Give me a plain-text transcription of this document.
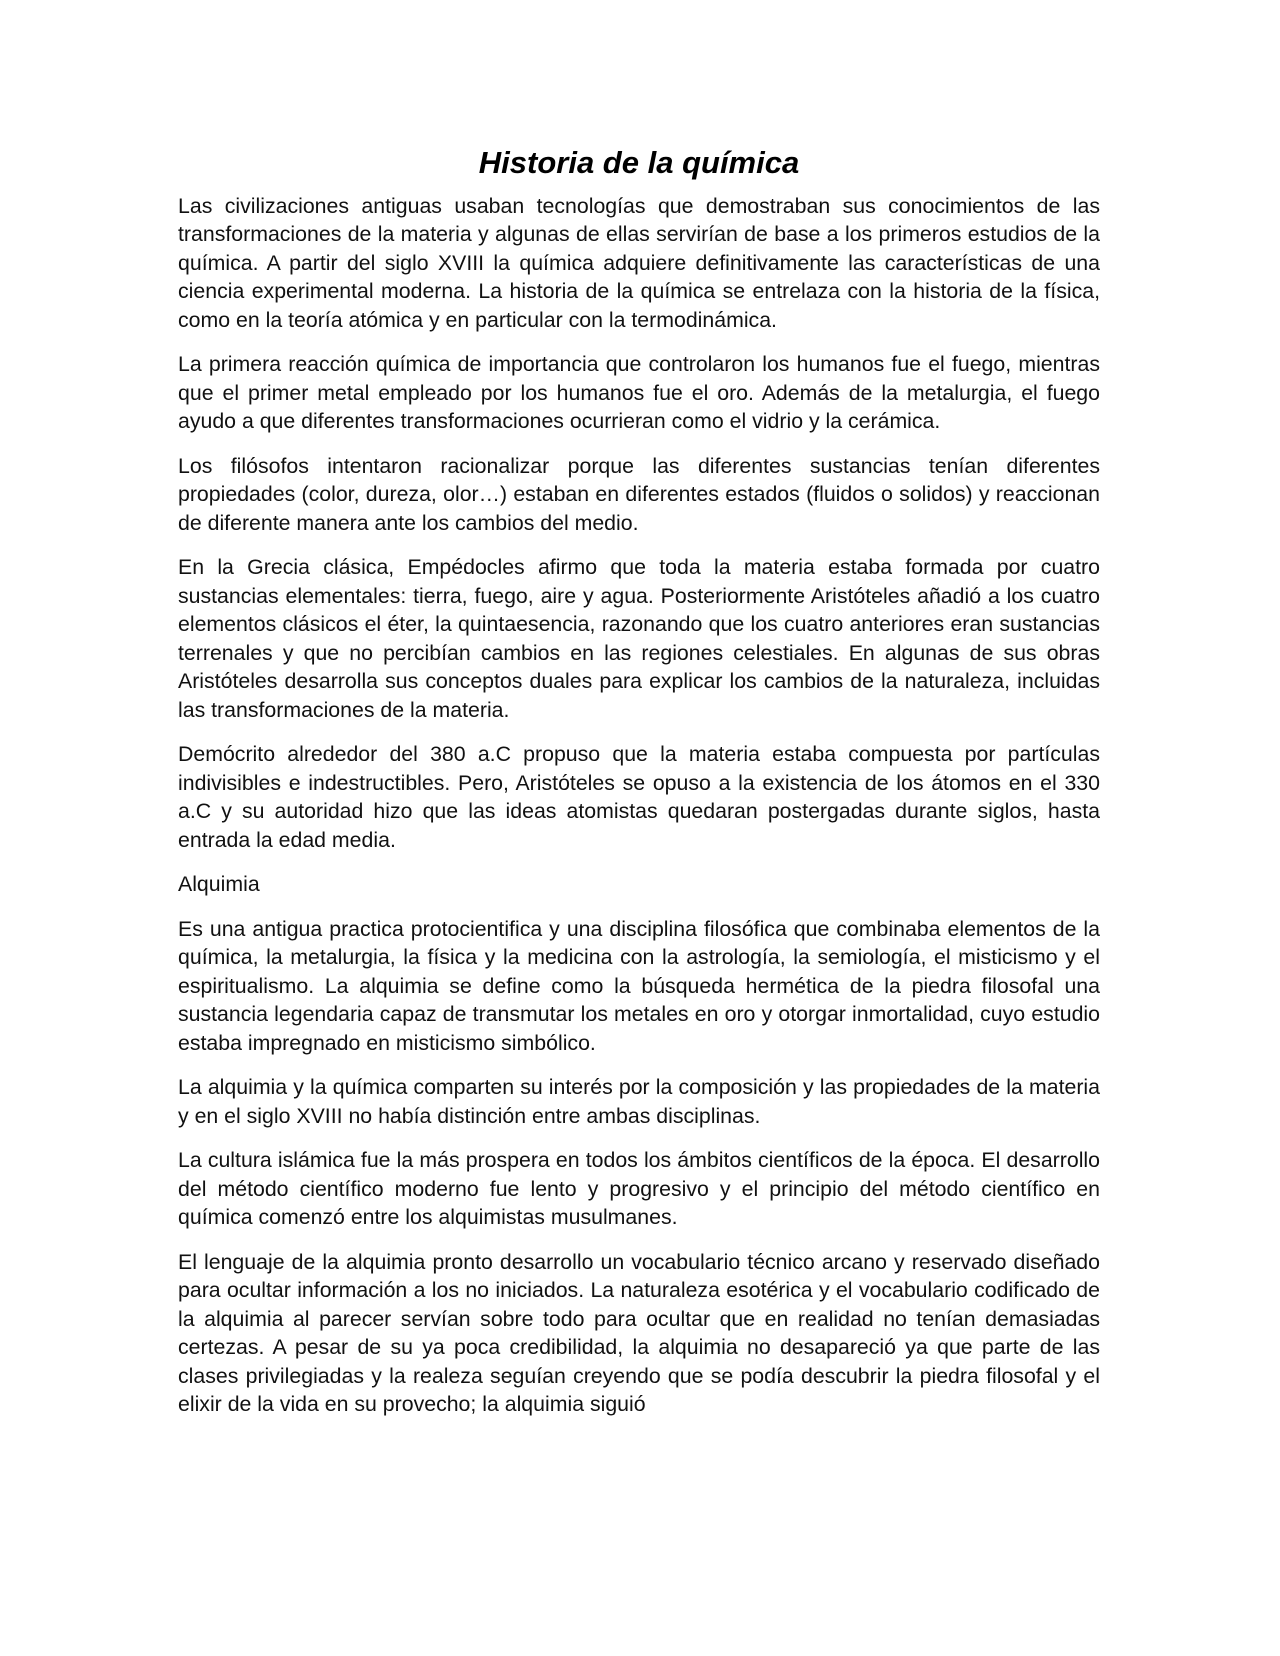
Historia de la química

Las civilizaciones antiguas usaban tecnologías que demostraban sus conocimientos de las transformaciones de la materia y algunas de ellas servirían de base a los primeros estudios de la química. A partir del siglo XVIII la química adquiere definitivamente las características de una ciencia experimental moderna. La historia de la química se entrelaza con la historia de la física, como en la teoría atómica y en particular con la termodinámica.

La primera reacción química de importancia que controlaron los humanos fue el fuego, mientras que el primer metal empleado por los humanos fue el oro. Además de la metalurgia, el fuego ayudo a que diferentes transformaciones ocurrieran como el vidrio y la cerámica.

Los filósofos intentaron racionalizar porque las diferentes sustancias tenían diferentes propiedades (color, dureza, olor…) estaban en diferentes estados (fluidos o solidos) y reaccionan de diferente manera ante los cambios del medio.

En la Grecia clásica, Empédocles afirmo que toda la materia estaba formada por cuatro sustancias elementales: tierra, fuego, aire y agua. Posteriormente Aristóteles añadió a los cuatro elementos clásicos el éter, la quintaesencia, razonando que los cuatro anteriores eran sustancias terrenales y que no percibían cambios en las regiones celestiales. En algunas de sus obras Aristóteles desarrolla sus conceptos duales para explicar los cambios de la naturaleza, incluidas las transformaciones de la materia.

Demócrito alrededor del 380 a.C propuso que la materia estaba compuesta por partículas indivisibles e indestructibles. Pero, Aristóteles se opuso a la existencia de los átomos en el 330 a.C y su autoridad hizo que las ideas atomistas quedaran postergadas durante siglos, hasta entrada la edad media.

Alquimia

Es una antigua practica protocientifica y una disciplina filosófica que combinaba elementos de la química, la metalurgia, la física y la medicina con la astrología, la semiología, el misticismo y el espiritualismo. La alquimia se define como la búsqueda hermética de la piedra filosofal una sustancia legendaria capaz de transmutar los metales en oro y otorgar inmortalidad, cuyo estudio estaba impregnado en misticismo simbólico.

La alquimia y la química comparten su interés por la composición y las propiedades de la materia y en el siglo XVIII no había distinción entre ambas disciplinas.

La cultura islámica fue la más prospera en todos los ámbitos científicos de la época. El desarrollo del método científico moderno fue lento y progresivo y el principio del método científico en química comenzó entre los alquimistas musulmanes.

El lenguaje de la alquimia pronto desarrollo un vocabulario técnico arcano y reservado diseñado para ocultar información a los no iniciados. La naturaleza esotérica y el vocabulario codificado de la alquimia al parecer servían sobre todo para ocultar que en realidad no tenían demasiadas certezas. A pesar de su ya poca credibilidad, la alquimia no desapareció ya que parte de las clases privilegiadas y la realeza seguían creyendo que se podía descubrir la piedra filosofal y el elixir de la vida en su provecho; la alquimia siguió
